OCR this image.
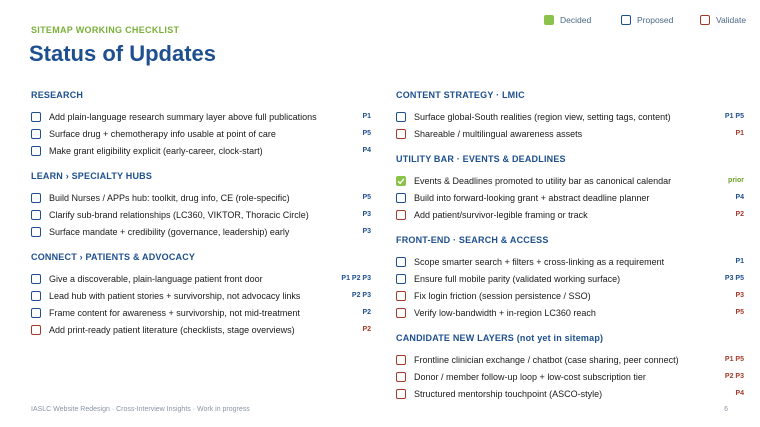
SITEMAP WORKING CHECKLIST
Status of Updates
Decided	Proposed	Validate
RESEARCH
Add plain-language research summary layer above full publications	P1
Surface drug + chemotherapy info usable at point of care	P5
Make grant eligibility explicit (early-career, clock-start)	P4
LEARN › SPECIALTY HUBS
Build Nurses / APPs hub: toolkit, drug info, CE (role-specific)	P5
Clarify sub-brand relationships (LC360, VIKTOR, Thoracic Circle)	P3
Surface mandate + credibility (governance, leadership) early	P3
CONNECT › PATIENTS & ADVOCACY
Give a discoverable, plain-language patient front door	P1 P2 P3
Lead hub with patient stories + survivorship, not advocacy links	P2 P3
Frame content for awareness + survivorship, not mid-treatment	P2
Add print-ready patient literature (checklists, stage overviews)	P2
CONTENT STRATEGY · LMIC
Surface global-South realities (region view, setting tags, content)	P1 P5
Shareable / multilingual awareness assets	P1
UTILITY BAR · EVENTS & DEADLINES
Events & Deadlines promoted to utility bar as canonical calendar	prior
Build into forward-looking grant + abstract deadline planner	P4
Add patient/survivor-legible framing or track	P2
FRONT-END · SEARCH & ACCESS
Scope smarter search + filters + cross-linking as a requirement	P1
Ensure full mobile parity (validated working surface)	P3 P5
Fix login friction (session persistence / SSO)	P3
Verify low-bandwidth + in-region LC360 reach	P5
CANDIDATE NEW LAYERS (not yet in sitemap)
Frontline clinician exchange / chatbot (case sharing, peer connect)	P1 P5
Donor / member follow-up loop + low-cost subscription tier	P2 P3
Structured mentorship touchpoint (ASCO-style)	P4
IASLC Website Redesign · Cross-Interview Insights · Work in progress	6
